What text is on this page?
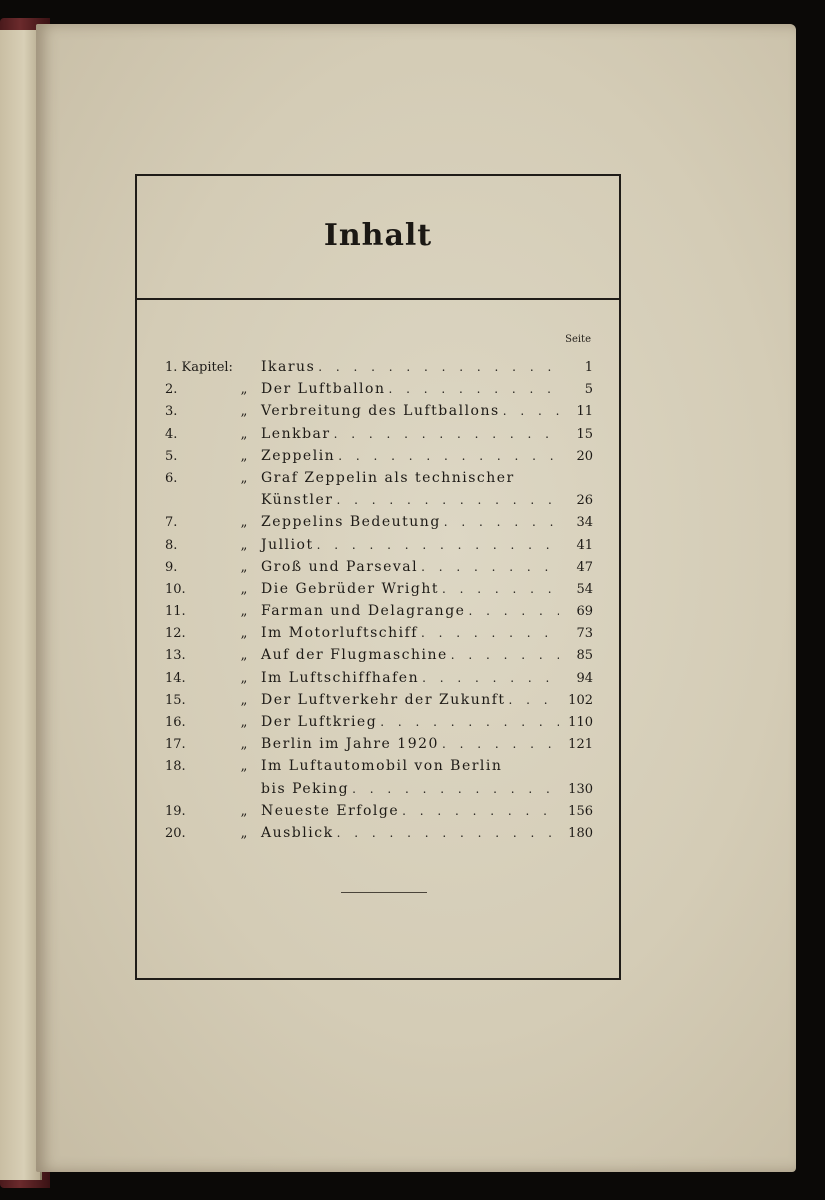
Inhalt
Seite
1. Kapitel:	Ikarus . . .	1
2.	„ Der Luftballon . . .	5
3.	„ Verbreitung des Luftballons . . .	11
4.	„ Lenkbar . . .	15
5.	„ Zeppelin . . .	20
6.	„ Graf Zeppelin als technischer
Künstler . . .	26
7.	„ Zeppelins Bedeutung . . .	34
8.	„ Julliot . . .	41
9.	„ Groß und Parseval . . .	47
10.	„ Die Gebrüder Wright . . .	54
11.	„ Farman und Delagrange . . .	69
12.	„ Im Motorluftschiff . . .	73
13.	„ Auf der Flugmaschine . . .	85
14.	„ Im Luftschiffhafen . . .	94
15.	„ Der Luftverkehr der Zukunft . . .	102
16.	„ Der Luftkrieg . . .	110
17.	„ Berlin im Jahre 1920 . . .	121
18.	„ Im Luftautomobil von Berlin
bis Peking . . .	130
19.	„ Neueste Erfolge . . .	156
20.	„ Ausblick . . .	180
